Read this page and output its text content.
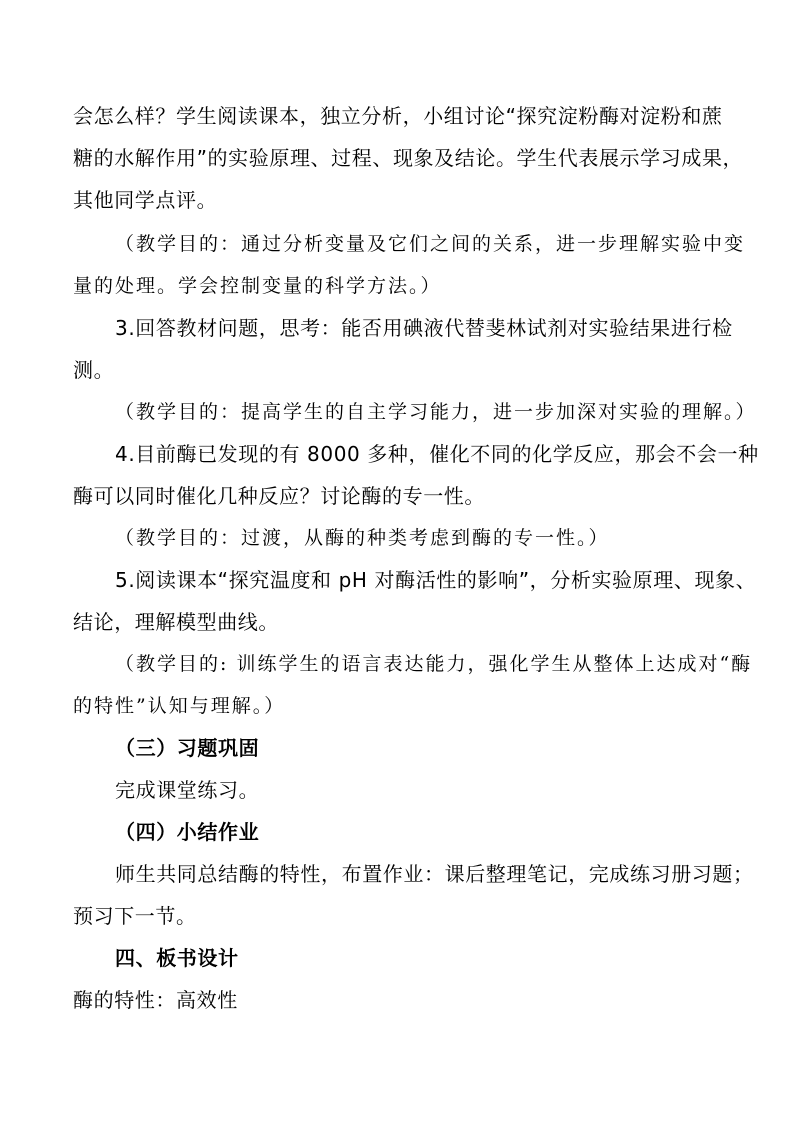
会怎么样？学生阅读课本，独立分析，小组讨论“探究淀粉酶对淀粉和蔗
糖的水解作用”的实验原理、过程、现象及结论。学生代表展示学习成果，
其他同学点评。
（教学目的：通过分析变量及它们之间的关系，进一步理解实验中变
量的处理。学会控制变量的科学方法。）
3.回答教材问题，思考：能否用碘液代替斐林试剂对实验结果进行检
测。
（教学目的：提高学生的自主学习能力，进一步加深对实验的理解。）
4.目前酶已发现的有 8000 多种，催化不同的化学反应，那会不会一种
酶可以同时催化几种反应？讨论酶的专一性。
（教学目的：过渡，从酶的种类考虑到酶的专一性。）
5.阅读课本“探究温度和 pH 对酶活性的影响”，分析实验原理、现象、
结论，理解模型曲线。
（教学目的: 训练学生的语言表达能力，强化学生从整体上达成对“酶
的特性”认知与理解。）
（三）习题巩固
完成课堂练习。
（四）小结作业
师生共同总结酶的特性，布置作业：课后整理笔记，完成练习册习题；
预习下一节。
四、板书设计
酶的特性：高效性
